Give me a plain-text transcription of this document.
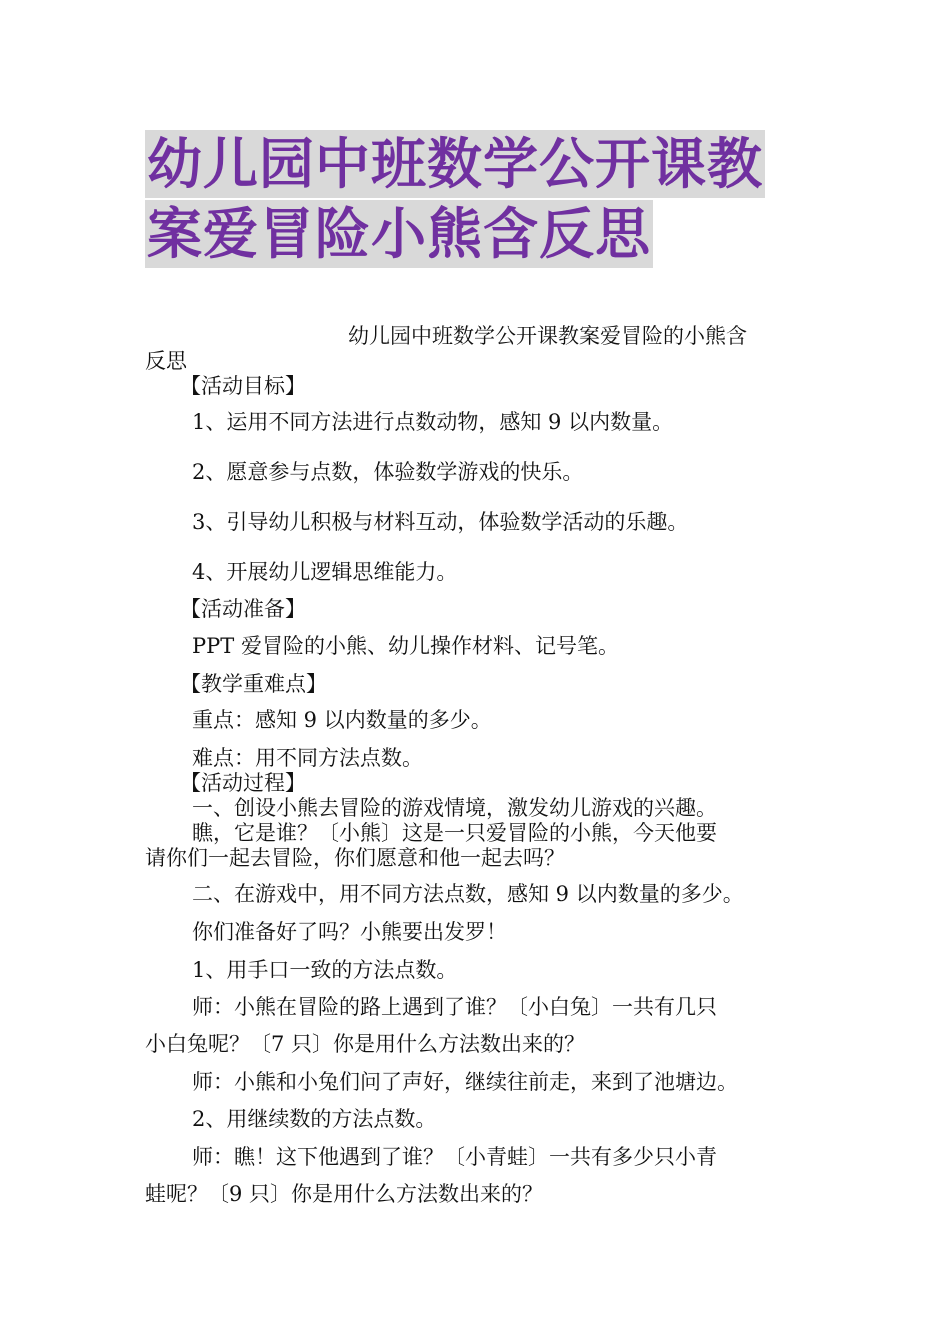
幼儿园中班数学公开课教
案爱冒险小熊含反思
幼儿园中班数学公开课教案爱冒险的小熊含
反思
【活动目标】
1、运用不同方法进行点数动物，感知 9 以内数量。
2、愿意参与点数，体验数学游戏的快乐。
3、引导幼儿积极与材料互动，体验数学活动的乐趣。
4、开展幼儿逻辑思维能力。
【活动准备】
PPT 爱冒险的小熊、幼儿操作材料、记号笔。
【教学重难点】
重点：感知 9 以内数量的多少。
难点：用不同方法点数。
【活动过程】
一、创设小熊去冒险的游戏情境，激发幼儿游戏的兴趣。
瞧，它是谁？〔小熊〕这是一只爱冒险的小熊，今天他要
请你们一起去冒险，你们愿意和他一起去吗？
二、在游戏中，用不同方法点数，感知 9 以内数量的多少。
你们准备好了吗？小熊要出发罗！
1、用手口一致的方法点数。
师：小熊在冒险的路上遇到了谁？〔小白兔〕一共有几只
小白兔呢？〔7 只〕你是用什么方法数出来的？
师：小熊和小兔们问了声好，继续往前走，来到了池塘边。
2、用继续数的方法点数。
师：瞧！这下他遇到了谁？〔小青蛙〕一共有多少只小青
蛙呢？〔9 只〕你是用什么方法数出来的？
